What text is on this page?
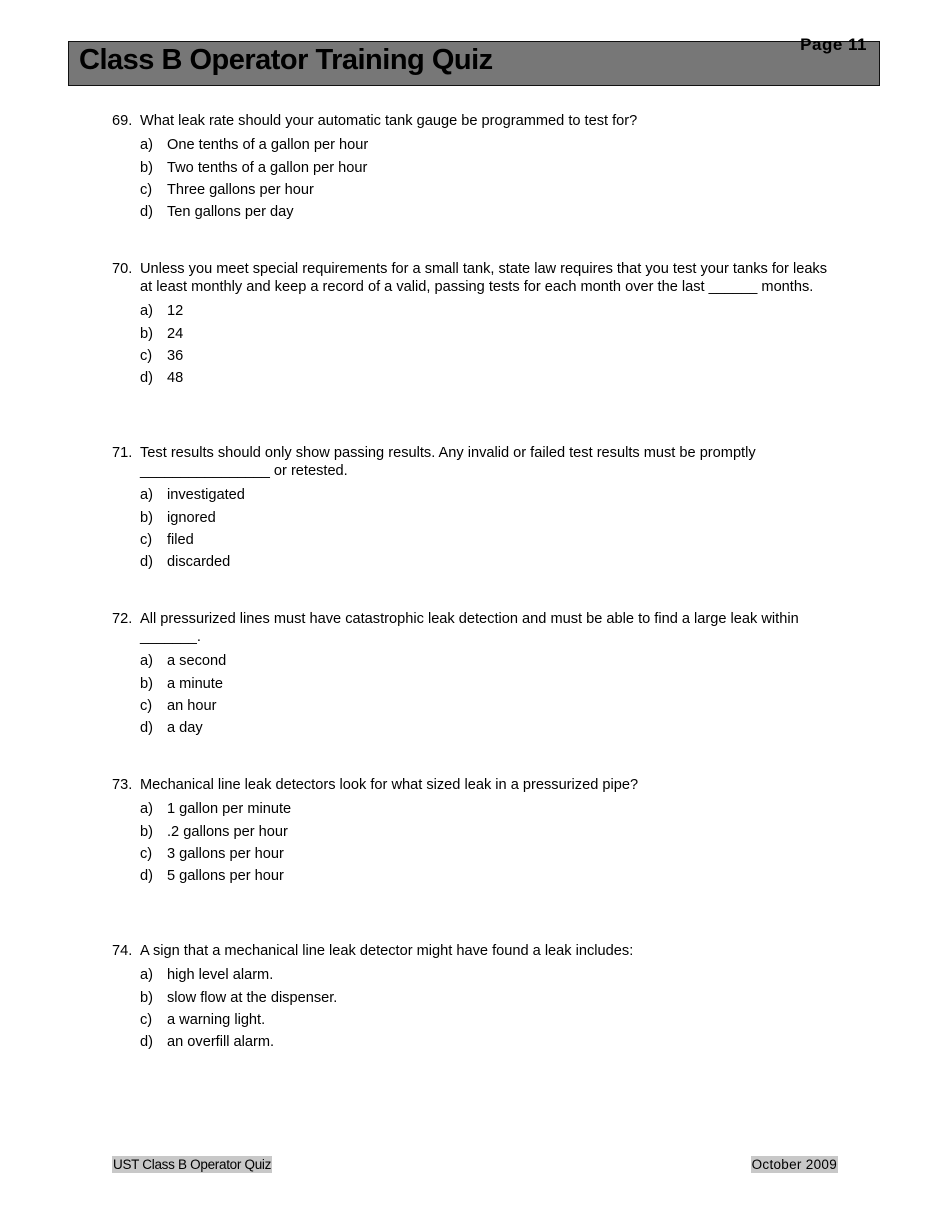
Class B Operator Training Quiz	Page 11
69. What leak rate should your automatic tank gauge be programmed to test for?
a) One tenths of a gallon per hour
b) Two tenths of a gallon per hour
c)	Three gallons per hour
d) Ten gallons per day
70. Unless you meet special requirements for a small tank, state law requires that you test your tanks for leaks at least monthly and keep a record of a valid, passing tests for each month over the last ______ months.
a) 12
b) 24
c)	36
d) 48
71. Test results should only show passing results. Any invalid or failed test results must be promptly ________________ or retested.
a) investigated
b) ignored
c)	filed
d) discarded
72. All pressurized lines must have catastrophic leak detection and must be able to find a large leak within _______.
a) a second
b) a minute
c)	an hour
d) a day
73. Mechanical line leak detectors look for what sized leak in a pressurized pipe?
a) 1 gallon per minute
b) .2 gallons per hour
c)	3 gallons per hour
d) 5 gallons per hour
74. A sign that a mechanical line leak detector might have found a leak includes:
a) high level alarm.
b) slow flow at the dispenser.
c)	a warning light.
d) an overfill alarm.
UST Class B Operator Quiz	October 2009
